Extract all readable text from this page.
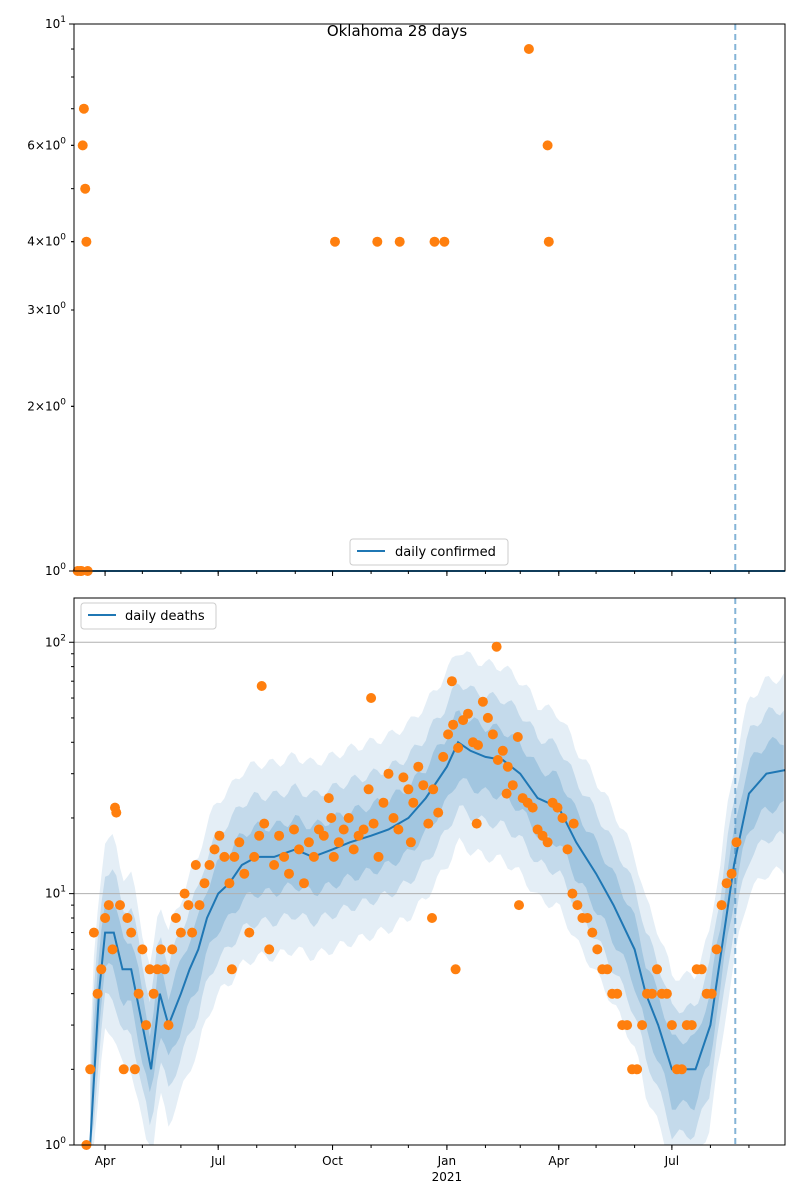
$10^0$
$10^1$
$2\times 10^0$
$3\times 10^0$
$4\times 10^0$
$6\times 10^0$
Oklahoma 28 days
daily confirmed
$10^0$
$10^1$
$10^2$
Apr	Jul	Oct	Jan	Apr	Jul
2021
daily deaths
